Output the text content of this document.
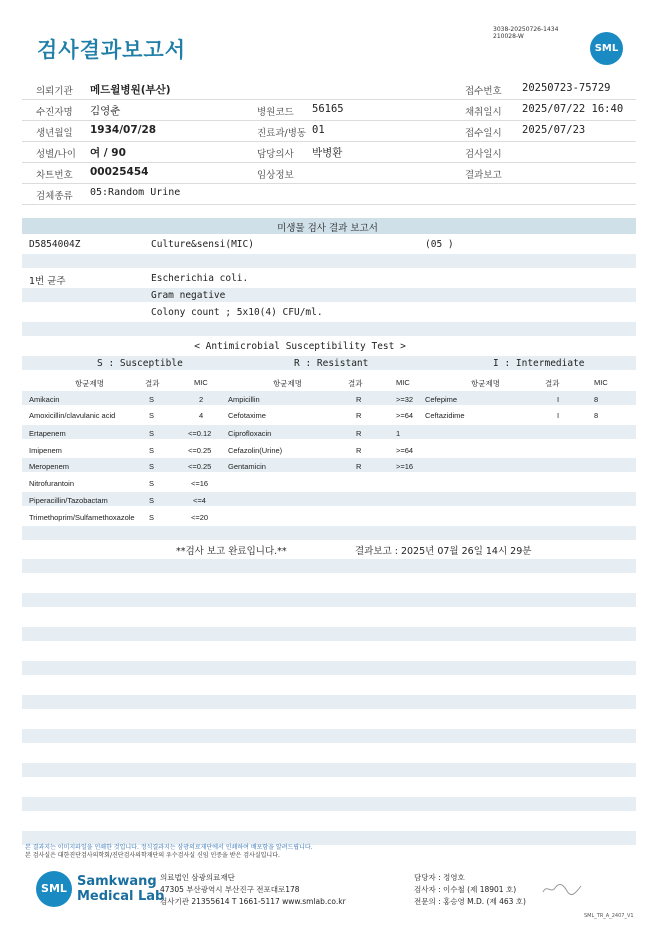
검사결과보고서
3038-20250726-1434
210028-W
SML
의뢰기관 메드윌병원(부산)	접수번호 20250723-75729
수진자명 김영춘	병원코드 56165	채취일시 2025/07/22 16:40
생년월일 1934/07/28	진료과/병동 01	접수일시 2025/07/23
성별/나이 여 / 90	담당의사 박병환	검사일시
차트번호 00025454	임상정보	결과보고
검체종류 05:Random Urine
미생물 검사 결과 보고서
D5854004Z	Culture&sensi(MIC)	(05 )
1번 균주	Escherichia coli.
Gram negative
Colony count ; 5x10(4) CFU/ml.
< Antimicrobial Susceptibility Test >
S : Susceptible	R : Resistant	I : Intermediate
항균제명	결과	MIC	항균제명	결과	MIC	항균제명	결과	MIC
Amikacin	S	2	Ampicillin	R	>=32 Cefepime	I	8
Amoxicillin/clavulanic acid	S	4	Cefotaxime	R	>=64 Ceftazidime	I	8
Ertapenem	S	<=0.12 Ciprofloxacin	R	1
Imipenem	S	<=0.25 Cefazolin(Urine)	R	>=64
Meropenem	S	<=0.25 Gentamicin	R	>=16
Nitrofurantoin	S	<=16
Piperacillin/Tazobactam	S	<=4
Trimethoprim/Sulfamethoxazole S	<=20
**검사 보고 완료입니다.**	결과보고 : 2025년 07월 26일 14시 29분
본 결과지는 이미지파일을 인쇄한 것입니다. 정식결과지는 삼광의료재단에서 인쇄하여 배포함을 알려드립니다.
본 검사실은 대한진단검사의학회/진단검사의학재단의 우수검사실 신임 인증을 받은 검사실입니다.
SML Samkwang
Medical Lab
의료법인 삼광의료재단
47305 부산광역시 부산진구 전포대로178
검사기관 21355614 T 1661-5117 www.smlab.co.kr
담당자 : 정영호
검사자 : 이수철 (제 18901 호)
전문의 : 홍승영 M.D. (제 463 호)
SML_TR_A_2407_V1
